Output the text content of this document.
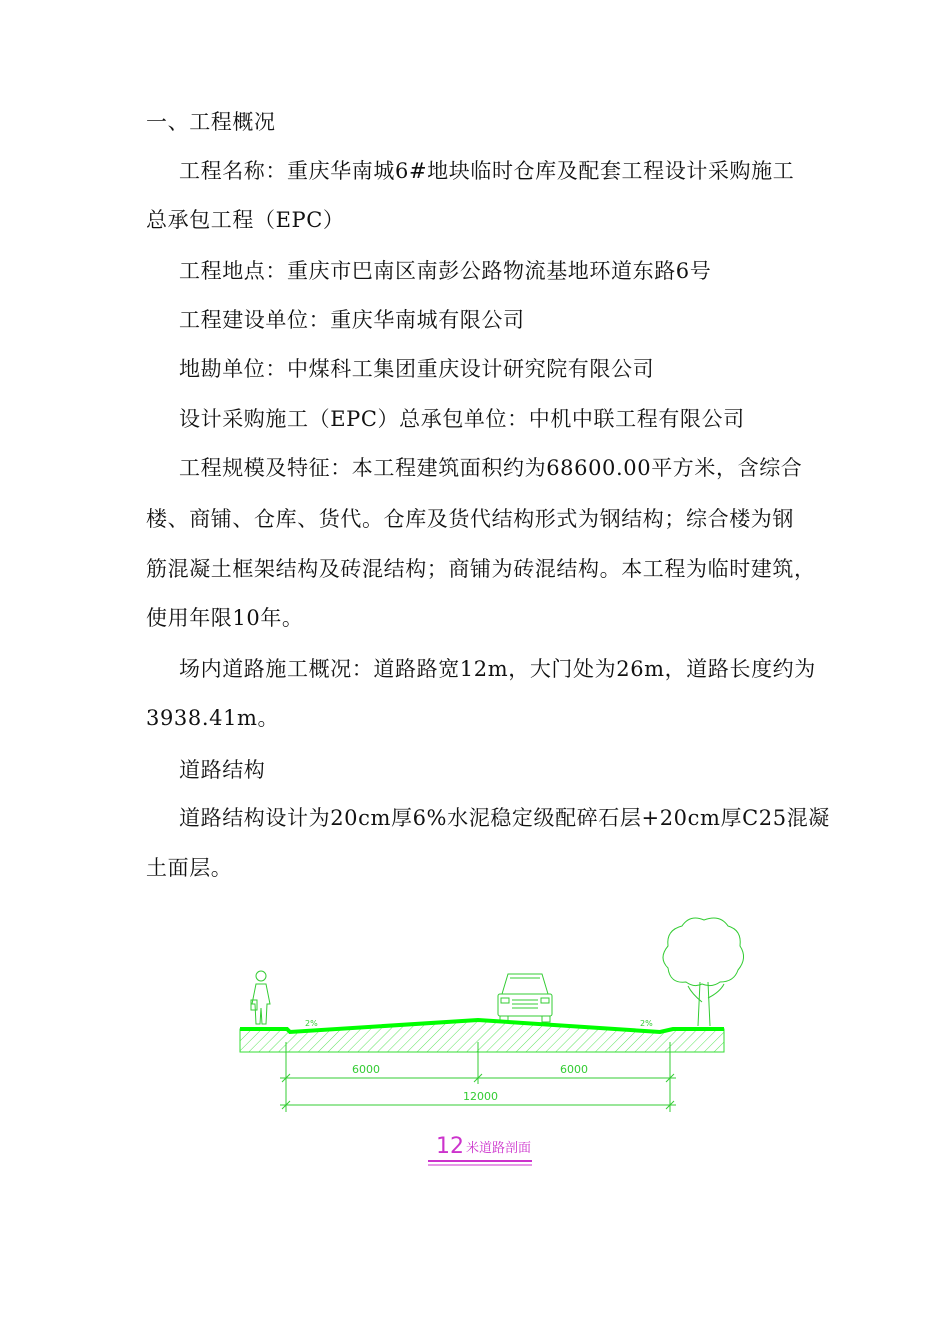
一、工程概况
工程名称：重庆华南城6#地块临时仓库及配套工程设计采购施工
总承包工程（EPC）
工程地点：重庆市巴南区南彭公路物流基地环道东路6号
工程建设单位：重庆华南城有限公司
地勘单位：中煤科工集团重庆设计研究院有限公司
设计采购施工（EPC）总承包单位：中机中联工程有限公司
工程规模及特征：本工程建筑面积约为68600.00平方米，含综合
楼、商铺、仓库、货代。仓库及货代结构形式为钢结构；综合楼为钢
筋混凝土框架结构及砖混结构；商铺为砖混结构。本工程为临时建筑，
使用年限10年。
场内道路施工概况：道路路宽12m，大门处为26m，道路长度约为
3938.41m。
道路结构
道路结构设计为20cm厚6%水泥稳定级配碎石层+20cm厚C25混凝
土面层。
2%	2%
6000	6000
12000
12 米道路剖面
